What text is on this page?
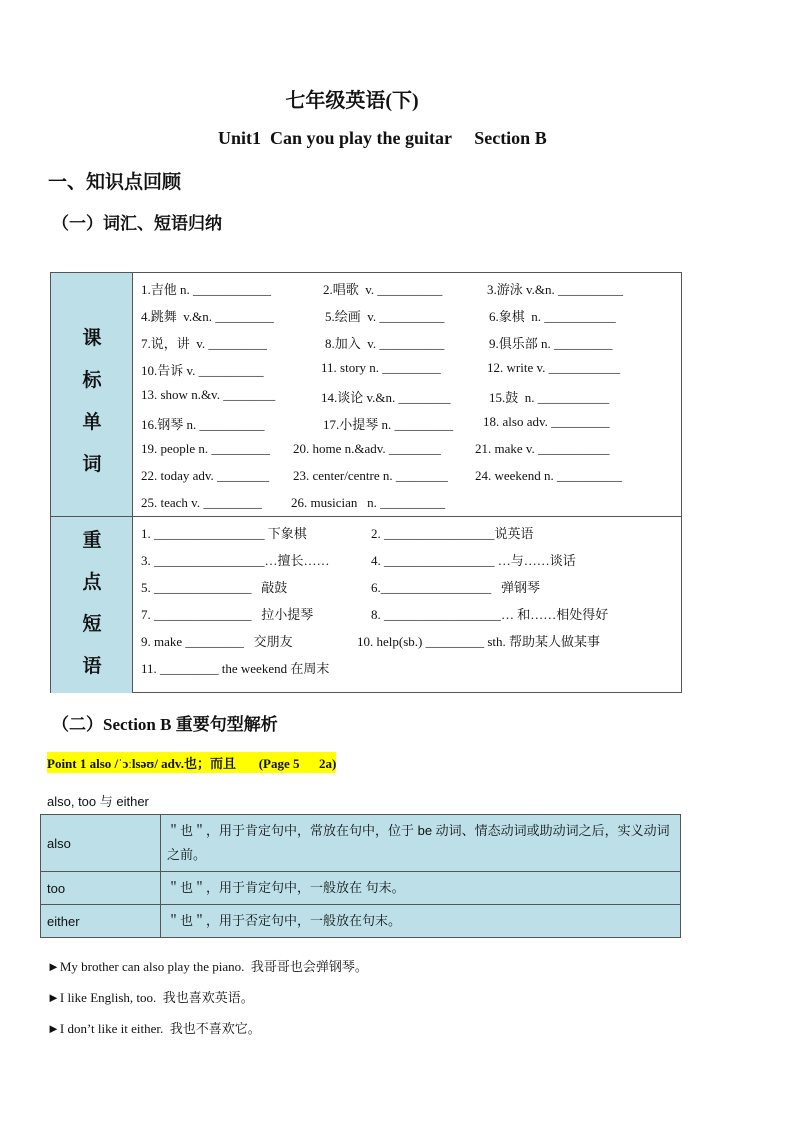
七年级英语(下)
Unit1  Can you play the guitar     Section B
一、知识点回顾
（一）词汇、短语归纳
课
标
单
词
重
点
短
语
1.吉他 n. ____________	2.唱歌  v. __________	3.游泳 v.&n. __________
4.跳舞  v.&n. _________	5.绘画  v. __________	6.象棋  n. ___________
7.说，讲  v. _________	8.加入  v. __________	9.俱乐部 n. _________
10.告诉 v. __________	11. story n. _________	12. write v. ___________
13. show n.&v. ________	14.谈论 v.&n. ________	15.鼓  n. ___________
16.钢琴 n. __________	17.小提琴 n. _________ 18. also adv. _________
19. people n. _________ 20. home n.&adv. ________	21. make v. ___________
22. today adv. ________ 23. center/centre n. ________ 24. weekend n. __________
25. teach v. _________ 26. musician   n. __________
1. _________________ 下象棋	2. _________________说英语
3. _________________…擅长……	4. _________________ …与……谈话
5. _______________   敲鼓	6._________________   弹钢琴
7. _______________   拉小提琴	8. __________________… 和……相处得好
9. make _________   交朋友	10. help(sb.) _________ sth. 帮助某人做某事
11. _________ the weekend 在周末
（二）Section B 重要句型解析
Point 1 also /ˈɔːlsəʊ/ adv.也；而且       (Page 5      2a)
also, too 与 either
also	＂也＂，用于肯定句中，常放在句中，位于 be 动词、情态动词或助动词之后，实义动词之前。
too	＂也＂，用于肯定句中，一般放在 句末。
either	＂也＂，用于否定句中，一般放在句末。
►My brother can also play the piano.  我哥哥也会弹钢琴。
►I like English, too.  我也喜欢英语。
►I don’t like it either.  我也不喜欢它。
